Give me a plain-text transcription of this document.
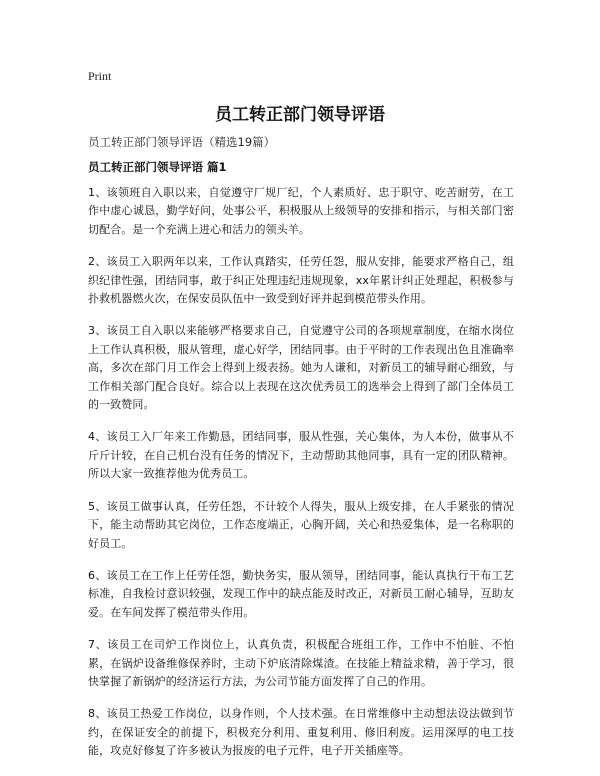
Print
员工转正部门领导评语
员工转正部门领导评语（精选19篇）
员工转正部门领导评语 篇1

1、该领班自入职以来，自觉遵守厂规厂纪，个人素质好、忠于职守、吃苦耐劳，在工作中虚心诚恳，勤学好问，处事公平，积极服从上级领导的安排和指示，与相关部门密切配合。是一个充满上进心和活力的领头羊。

2、该员工入职两年以来，工作认真踏实，任劳任怨，服从安排，能要求严格自己，组织纪律性强，团结同事，敢于纠正处理违纪违规现象，xx年累计纠正处理起，积极参与扑救机器燃火次，在保安员队伍中一致受到好评并起到模范带头作用。

3、该员工自入职以来能够严格要求自己，自觉遵守公司的各项规章制度，在缩水岗位上工作认真积极，服从管理，虚心好学，团结同事。由于平时的工作表现出色且准确率高，多次在部门月工作会上得到上级表扬。她为人谦和，对新员工的辅导耐心细致，与工作相关部门配合良好。综合以上表现在这次优秀员工的选举会上得到了部门全体员工的一致赞同。

4、该员工入厂年来工作勤恳，团结同事，服从性强，关心集体，为人本份，做事从不斤斤计较，在自己机台没有任务的情况下，主动帮助其他同事，具有一定的团队精神。所以大家一致推荐他为优秀员工。

5、该员工做事认真，任劳任怨，不计较个人得失，服从上级安排，在人手紧张的情况下，能主动帮助其它岗位，工作态度端正，心胸开阔，关心和热爱集体，是一名称职的好员工。

6、该员工在工作上任劳任怨，勤快务实，服从领导，团结同事，能认真执行干布工艺标准，自我检讨意识较强，发现工作中的缺点能及时改正，对新员工耐心辅导，互助友爱。在车间发挥了模范带头作用。

7、该员工在司炉工作岗位上，认真负责，积极配合班组工作，工作中不怕脏、不怕累，在锅炉设备维修保养时，主动下炉底清除煤渣。在技能上精益求精，善于学习，很快掌握了新锅炉的经济运行方法，为公司节能方面发挥了自己的作用。

8、该员工热爱工作岗位，以身作则，个人技术强。在日常维修中主动想法设法做到节约，在保证安全的前提下，积极充分利用、重复利用、修旧利废。运用深厚的电工技能，攻克好修复了许多被认为报废的电子元件，电子开关插座等。
